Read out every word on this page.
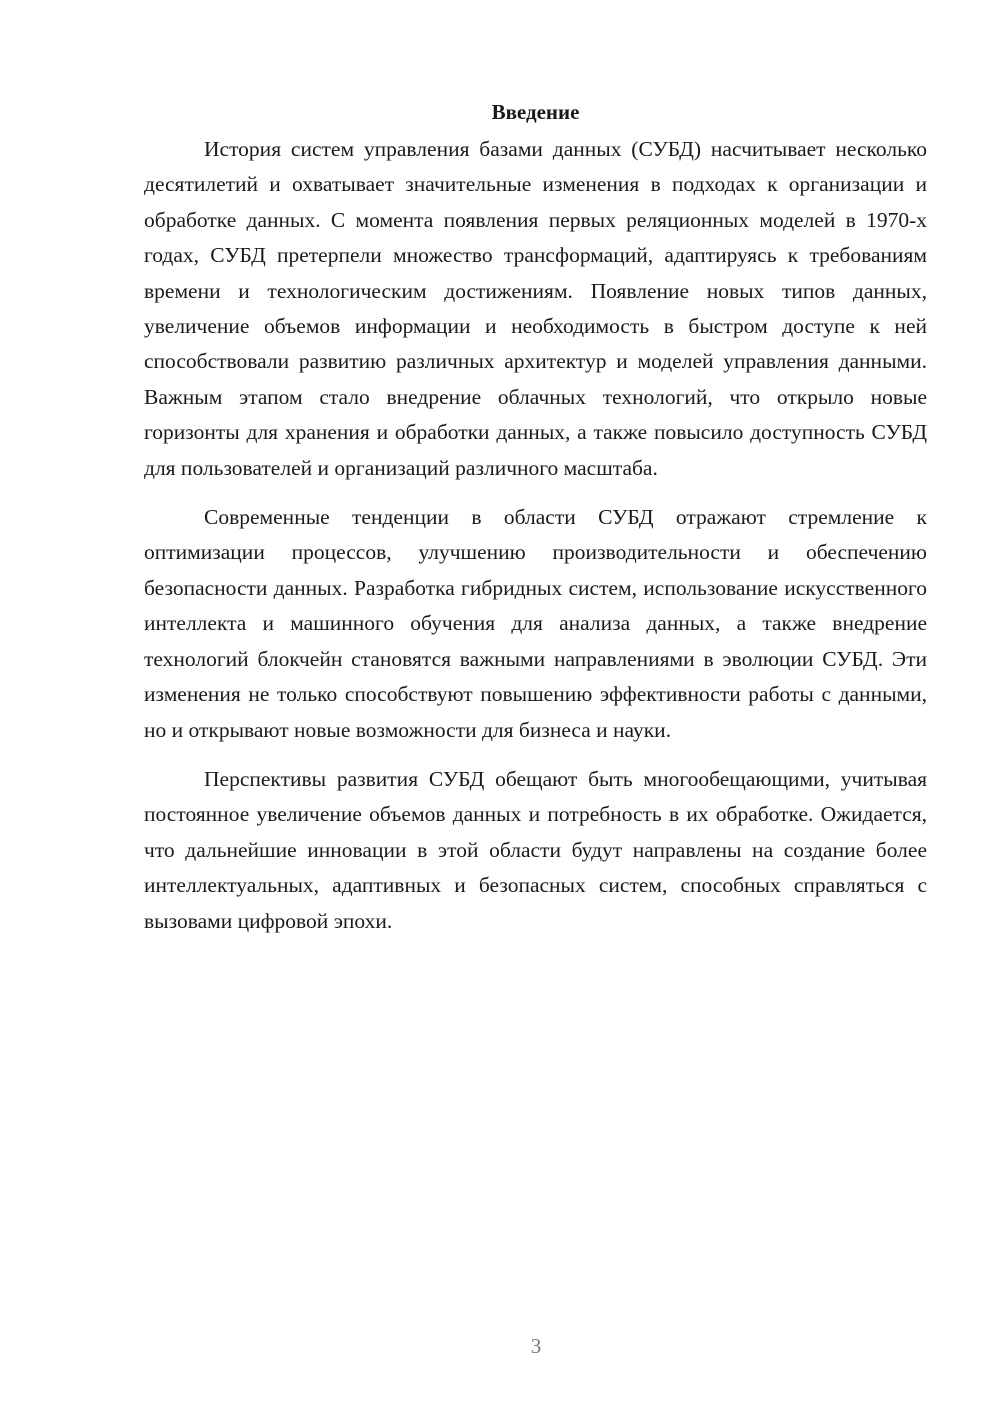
Введение

История систем управления базами данных (СУБД) насчитывает несколько десятилетий и охватывает значительные изменения в подходах к организации и обработке данных. С момента появления первых реляционных моделей в 1970-х годах, СУБД претерпели множество трансформаций, адаптируясь к требованиям времени и технологическим достижениям. Появление новых типов данных, увеличение объемов информации и необходимость в быстром доступе к ней способствовали развитию различных архитектур и моделей управления данными. Важным этапом стало внедрение облачных технологий, что открыло новые горизонты для хранения и обработки данных, а также повысило доступность СУБД для пользователей и организаций различного масштаба.

Современные тенденции в области СУБД отражают стремление к оптимизации процессов, улучшению производительности и обеспечению безопасности данных. Разработка гибридных систем, использование искусственного интеллекта и машинного обучения для анализа данных, а также внедрение технологий блокчейн становятся важными направлениями в эволюции СУБД. Эти изменения не только способствуют повышению эффективности работы с данными, но и открывают новые возможности для бизнеса и науки.

Перспективы развития СУБД обещают быть многообещающими, учитывая постоянное увеличение объемов данных и потребность в их обработке. Ожидается, что дальнейшие инновации в этой области будут направлены на создание более интеллектуальных, адаптивных и безопасных систем, способных справляться с вызовами цифровой эпохи.

3
